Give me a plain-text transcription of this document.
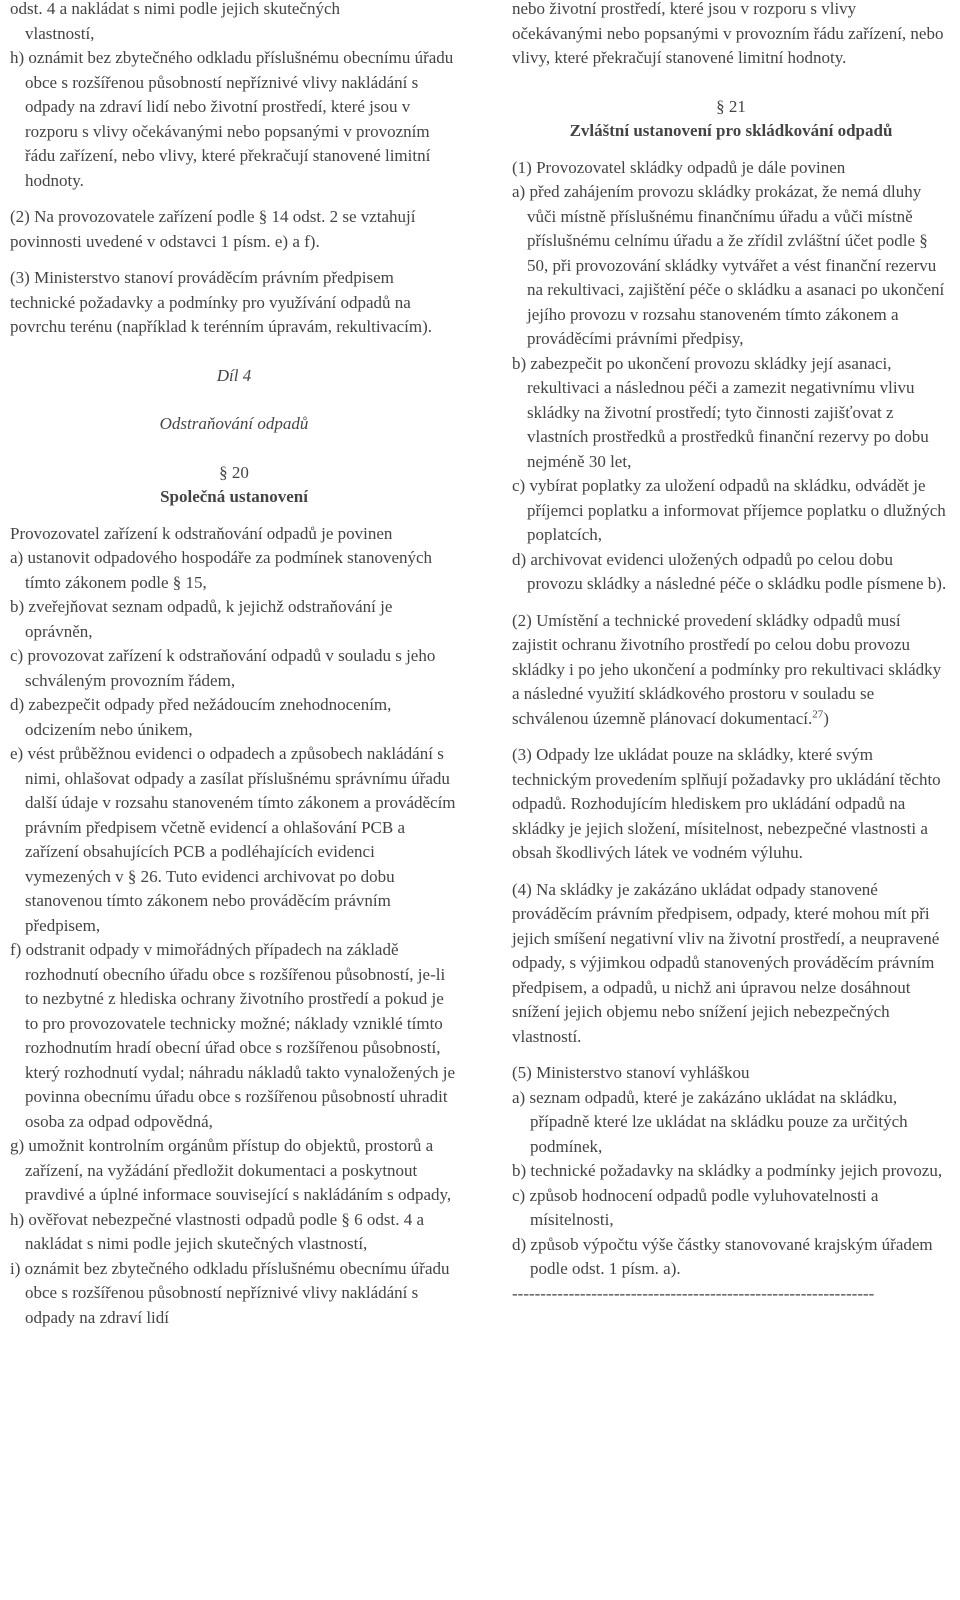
odst. 4 a nakládat s nimi podle jejich skutečných

vlastností,

h) oznámit bez zbytečného odkladu příslušnému obecnímu úřadu obce s rozšířenou působností nepříznivé vlivy nakládání s odpady na zdraví lidí nebo životní prostředí, které jsou v rozporu s vlivy očekávanými nebo popsanými v provozním řádu zařízení, nebo vlivy, které překračují stanovené limitní hodnoty.

(2) Na provozovatele zařízení podle § 14 odst. 2 se vztahují povinnosti uvedené v odstavci 1 písm. e) a f).

(3) Ministerstvo stanoví prováděcím právním předpisem technické požadavky a podmínky pro využívání odpadů na povrchu terénu (například k terénním úpravám, rekultivacím).

Díl 4

Odstraňování odpadů

§ 20

Společná ustanovení

Provozovatel zařízení k odstraňování odpadů je povinen

a) ustanovit odpadového hospodáře za podmínek stanovených tímto zákonem podle § 15,

b) zveřejňovat seznam odpadů, k jejichž odstraňování je oprávněn,

c) provozovat zařízení k odstraňování odpadů v souladu s jeho schváleným provozním řádem,

d) zabezpečit odpady před nežádoucím znehodnocením, odcizením nebo únikem,

e) vést průběžnou evidenci o odpadech a způsobech nakládání s nimi, ohlašovat odpady a zasílat příslušnému správnímu úřadu další údaje v rozsahu stanoveném tímto zákonem a prováděcím právním předpisem včetně evidencí a ohlašování PCB a zařízení obsahujících PCB a podléhajících evidenci vymezených v § 26. Tuto evidenci archivovat po dobu stanovenou tímto zákonem nebo prováděcím právním předpisem,

f) odstranit odpady v mimořádných případech na základě rozhodnutí obecního úřadu obce s rozšířenou působností, je-li to nezbytné z hlediska ochrany životního prostředí a pokud je to pro provozovatele technicky možné; náklady vzniklé tímto rozhodnutím hradí obecní úřad obce s rozšířenou působností, který rozhodnutí vydal; náhradu nákladů takto vynaložených je povinna obecnímu úřadu obce s rozšířenou působností uhradit osoba za odpad odpovědná,

g) umožnit kontrolním orgánům přístup do objektů, prostorů a zařízení, na vyžádání předložit dokumentaci a poskytnout pravdivé a úplné informace související s nakládáním s odpady,

h) ověřovat nebezpečné vlastnosti odpadů podle § 6 odst. 4 a nakládat s nimi podle jejich skutečných vlastností,

i) oznámit bez zbytečného odkladu příslušnému obecnímu úřadu obce s rozšířenou působností nepříznivé vlivy nakládání s odpady na zdraví lidí

nebo životní prostředí, které jsou v rozporu s vlivy očekávanými nebo popsanými v provozním řádu zařízení, nebo vlivy, které překračují stanovené limitní hodnoty.

§ 21

Zvláštní ustanovení pro skládkování odpadů

(1) Provozovatel skládky odpadů je dále povinen

a) před zahájením provozu skládky prokázat, že nemá dluhy vůči místně příslušnému finančnímu úřadu a vůči místně příslušnému celnímu úřadu a že zřídil zvláštní účet podle § 50, při provozování skládky vytvářet a vést finanční rezervu na rekultivaci, zajištění péče o skládku a asanaci po ukončení jejího provozu v rozsahu stanoveném tímto zákonem a prováděcími právními předpisy,

b) zabezpečit po ukončení provozu skládky její asanaci, rekultivaci a následnou péči a zamezit negativnímu vlivu skládky na životní prostředí; tyto činnosti zajišťovat z vlastních prostředků a prostředků finanční rezervy po dobu nejméně 30 let,

c) vybírat poplatky za uložení odpadů na skládku, odvádět je příjemci poplatku a informovat příjemce poplatku o dlužných poplatcích,

d) archivovat evidenci uložených odpadů po celou dobu provozu skládky a následné péče o skládku podle písmene b).

(2) Umístění a technické provedení skládky odpadů musí zajistit ochranu životního prostředí po celou dobu provozu skládky i po jeho ukončení a podmínky pro rekultivaci skládky a následné využití skládkového prostoru v souladu se schválenou územně plánovací dokumentací.$^{27}$)

(3) Odpady lze ukládat pouze na skládky, které svým technickým provedením splňují požadavky pro ukládání těchto odpadů. Rozhodujícím hlediskem pro ukládání odpadů na skládky je jejich složení, mísitelnost, nebezpečné vlastnosti a obsah škodlivých látek ve vodném výluhu.

(4) Na skládky je zakázáno ukládat odpady stanovené prováděcím právním předpisem, odpady, které mohou mít při jejich smíšení negativní vliv na životní prostředí, a neupravené odpady, s výjimkou odpadů stanovených prováděcím právním předpisem, a odpadů, u nichž ani úpravou nelze dosáhnout snížení jejich objemu nebo snížení jejich nebezpečných vlastností.

(5) Ministerstvo stanoví vyhláškou

a) seznam odpadů, které je zakázáno ukládat na skládku, případně které lze ukládat na skládku pouze za určitých podmínek,

b) technické požadavky na skládky a podmínky jejich provozu,

c) způsob hodnocení odpadů podle vyluhovatelnosti a mísitelnosti,

d) způsob výpočtu výše částky stanovované krajským úřadem podle odst. 1 písm. a).

----------------------------------------------------------------
